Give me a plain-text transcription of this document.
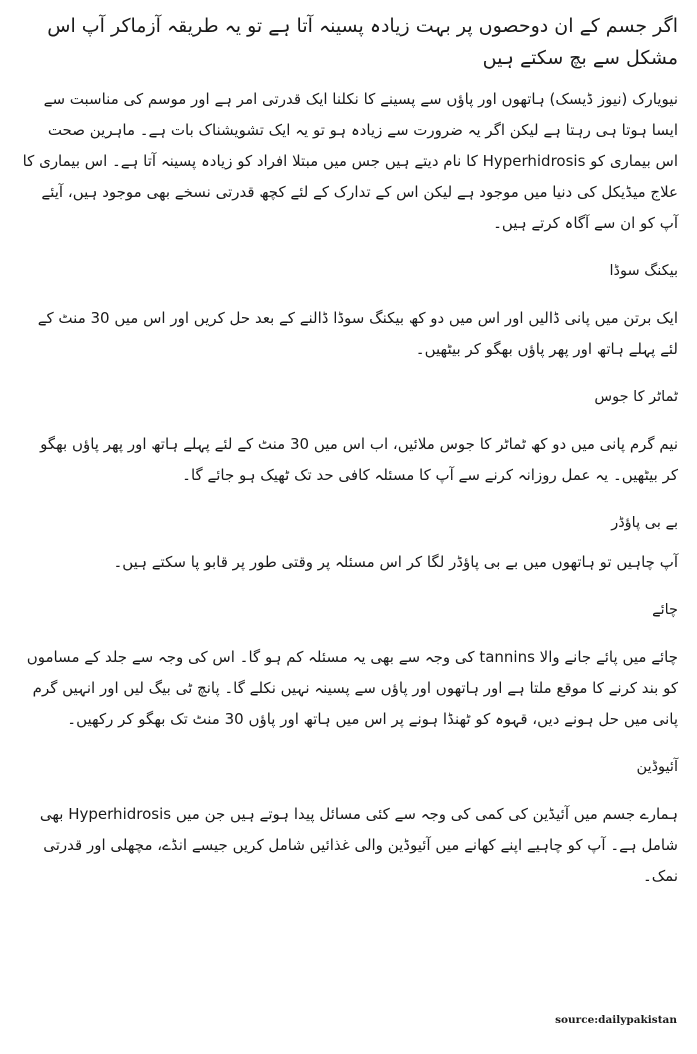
اگر جسم کے ان دوحصوں پر بہت زیادہ پسینہ آتا ہے تو یہ طریقہ آزماکر آپ اس مشکل سے بچ سکتے ہیں

نیویارک (نیوز ڈیسک) ہاتھوں اور پاؤں سے پسینے کا نکلنا ایک قدرتی امر ہے اور موسم کی مناسبت سے ایسا ہوتا ہی رہتا ہے لیکن اگر یہ ضرورت سے زیادہ ہو تو یہ ایک تشویشناک بات ہے۔ ماہرین صحت اس بیماری کو Hyperhidrosis کا نام دیتے ہیں جس میں مبتلا افراد کو زیادہ پسینہ آتا ہے۔ اس بیماری کا علاج میڈیکل کی دنیا میں موجود ہے لیکن اس کے تدارک کے لئے کچھ قدرتی نسخے بھی موجود ہیں، آیئے آپ کو ان سے آگاہ کرتے ہیں۔

بیکنگ سوڈا

ایک برتن میں پانی ڈالیں اور اس میں دو کھ بیکنگ سوڈا ڈالنے کے بعد حل کریں اور اس میں 30 منٹ کے لئے پہلے ہاتھ اور پھر پاؤں بھگو کر بیٹھیں۔

ٹماٹر کا جوس

نیم گرم پانی میں دو کھ ٹماٹر کا جوس ملائیں، اب اس میں 30 منٹ کے لئے پہلے ہاتھ اور پھر پاؤں بھگو کر بیٹھیں۔ یہ عمل روزانہ کرنے سے آپ کا مسئلہ کافی حد تک ٹھیک ہو جائے گا۔

بے بی پاؤڈر

آپ چاہیں تو ہاتھوں میں بے بی پاؤڈر لگا کر اس مسئلہ پر وقتی طور پر قابو پا سکتے ہیں۔

چائے

چائے میں پائے جانے والا tannins کی وجہ سے بھی یہ مسئلہ کم ہو گا۔ اس کی وجہ سے جلد کے مساموں کو بند کرنے کا موقع ملتا ہے اور ہاتھوں اور پاؤں سے پسینہ نہیں نکلے گا۔ پانچ ٹی بیگ لیں اور انہیں گرم پانی میں حل ہونے دیں، قہوہ کو ٹھنڈا ہونے پر اس میں ہاتھ اور پاؤں 30 منٹ تک بھگو کر رکھیں۔

آئیوڈین

ہمارے جسم میں آئیڈین کی کمی کی وجہ سے کئی مسائل پیدا ہوتے ہیں جن میں Hyperhidrosis بھی شامل ہے۔ آپ کو چاہیے اپنے کھانے میں آئیوڈین والی غذائیں شامل کریں جیسے انڈے، مچھلی اور قدرتی نمک۔

source:dailypakistan
